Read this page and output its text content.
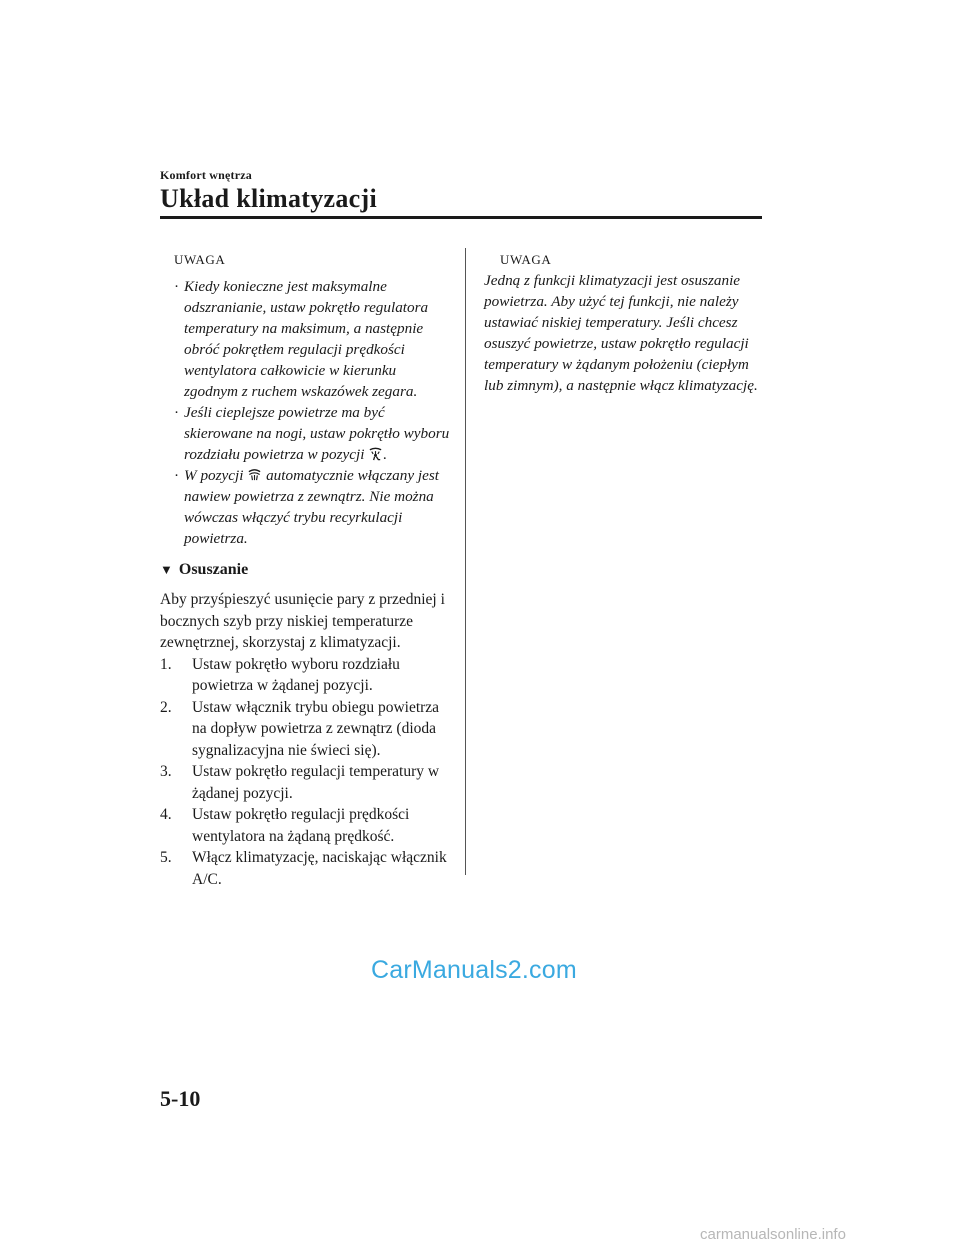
Komfort wnętrza
Układ klimatyzacji
UWAGA
· Kiedy konieczne jest maksymalne odszranianie, ustaw pokrętło regulatora temperatury na maksimum, a następnie obróć pokrętłem regulacji prędkości wentylatora całkowicie w kierunku zgodnym z ruchem wskazówek zegara.
· Jeśli cieplejsze powietrze ma być skierowane na nogi, ustaw pokrętło wyboru rozdziału powietrza w pozycji .
· W pozycji  automatycznie włączany jest nawiew powietrza z zewnątrz. Nie można wówczas włączyć trybu recyrkulacji powietrza.
▼ Osuszanie

Aby przyśpieszyć usunięcie pary z przedniej i bocznych szyb przy niskiej temperaturze zewnętrznej, skorzystaj z klimatyzacji.

1. Ustaw pokrętło wyboru rozdziału powietrza w żądanej pozycji.
2. Ustaw włącznik trybu obiegu powietrza na dopływ powietrza z zewnątrz (dioda sygnalizacyjna nie świeci się).
3. Ustaw pokrętło regulacji temperatury w żądanej pozycji.
4. Ustaw pokrętło regulacji prędkości wentylatora na żądaną prędkość.
5. Włącz klimatyzację, naciskając włącznik A/C.
UWAGA

Jedną z funkcji klimatyzacji jest osuszanie powietrza. Aby użyć tej funkcji, nie należy ustawiać niskiej temperatury. Jeśli chcesz osuszyć powietrze, ustaw pokrętło regulacji temperatury w żądanym położeniu (ciepłym lub zimnym), a następnie włącz klimatyzację.

CarManuals2.com
5-10
carmanualsonline.info
